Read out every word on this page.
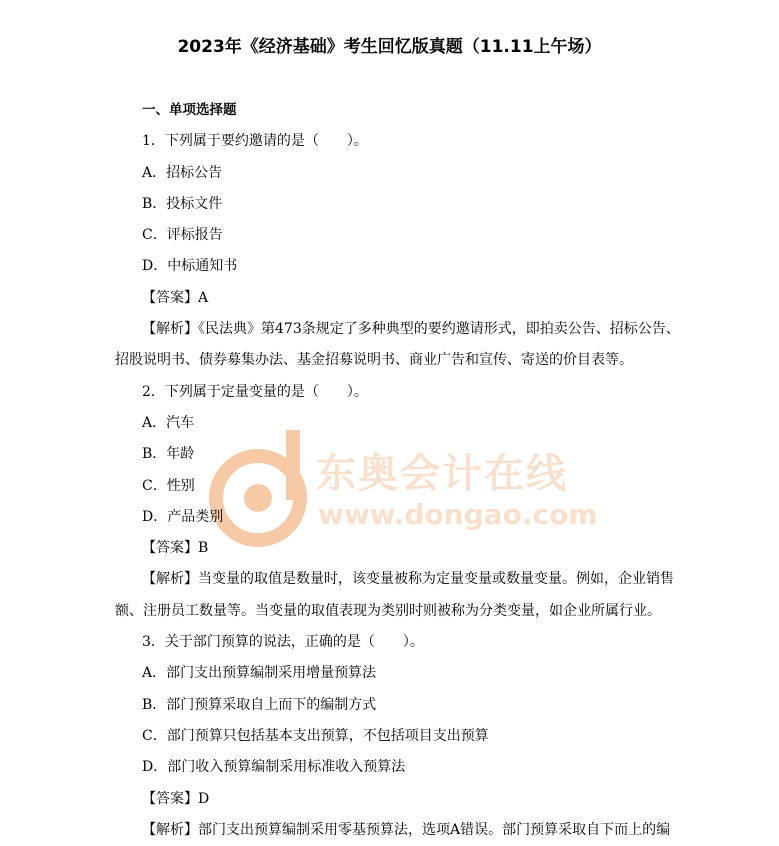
2023年《经济基础》考生回忆版真题（11.11上午场）
东奥会计在线
www.dongao.com
一、单项选择题
1．下列属于要约邀请的是（　　）。
A．招标公告
B．投标文件
C．评标报告
D．中标通知书
【答案】A
【解析】《民法典》第473条规定了多种典型的要约邀请形式，即拍卖公告、招标公告、
招股说明书、债券募集办法、基金招募说明书、商业广告和宣传、寄送的价目表等。
2．下列属于定量变量的是（　　）。
A．汽车
B．年龄
C．性别
D．产品类别
【答案】B
【解析】当变量的取值是数量时，该变量被称为定量变量或数量变量。例如，企业销售
额、注册员工数量等。当变量的取值表现为类别时则被称为分类变量，如企业所属行业。
3．关于部门预算的说法，正确的是（　　）。
A．部门支出预算编制采用增量预算法
B．部门预算采取自上而下的编制方式
C．部门预算只包括基本支出预算，不包括项目支出预算
D．部门收入预算编制采用标准收入预算法
【答案】D
【解析】部门支出预算编制采用零基预算法，选项A错误。部门预算采取自下而上的编
